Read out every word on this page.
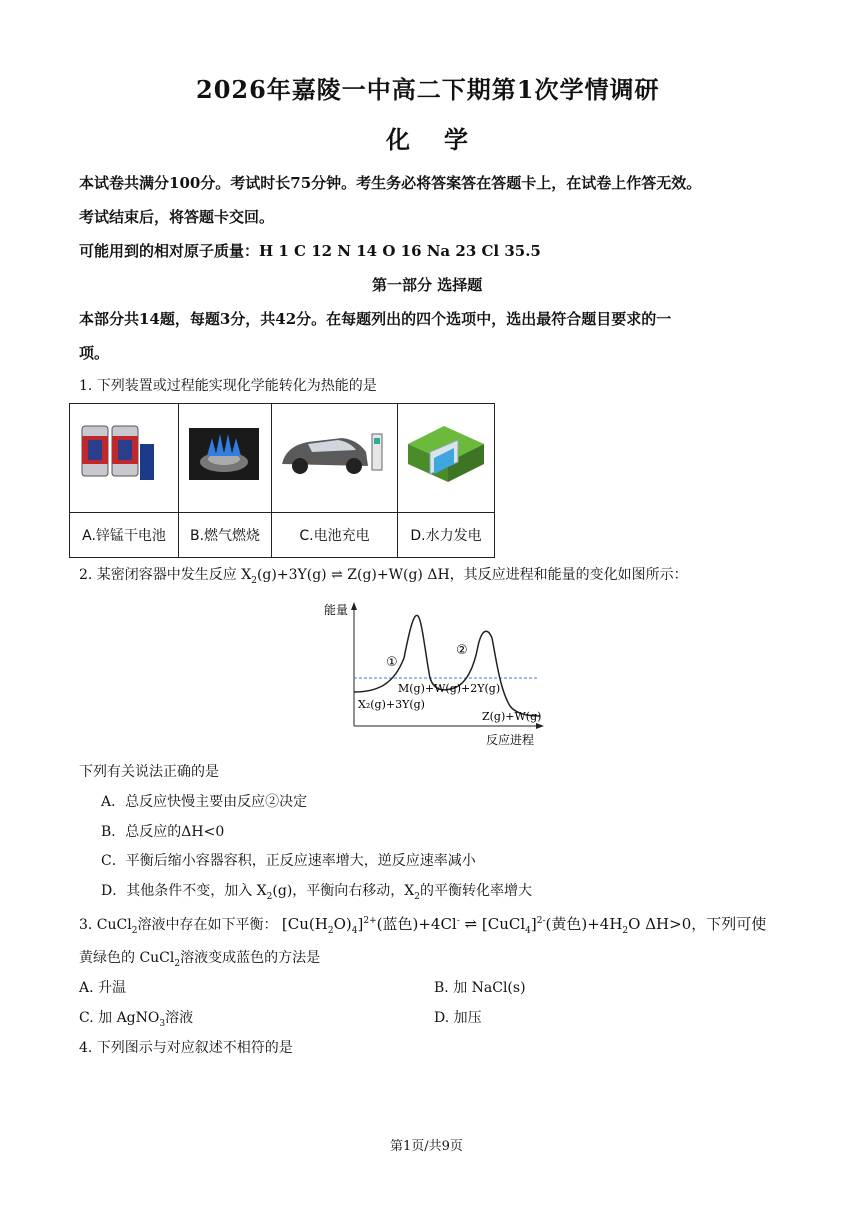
2026年嘉陵一中高二下期第1次学情调研
化学
本试卷共满分100分。考试时长75分钟。考生务必将答案答在答题卡上，在试卷上作答无效。
考试结束后，将答题卡交回。
可能用到的相对原子质量：H 1 C 12 N 14 O 16 Na 23 Cl 35.5
第一部分 选择题
本部分共14题，每题3分，共42分。在每题列出的四个选项中，选出最符合题目要求的一
项。
1. 下列装置或过程能实现化学能转化为热能的是

A.锌锰干电池	B.燃气燃烧	C.电池充电	D.水力发电
2. 某密闭容器中发生反应 $X_2(g)+3Y(g)$ ⇌ Z(g)+W(g) ΔH，其反应进程和能量的变化如图所示：
能量
反应进程
①
②
M(g)+W(g)+2Y(g)
X₂(g)+3Y(g)
Z(g)+W(g)
下列有关说法正确的是
A．总反应快慢主要由反应②决定
B．总反应的ΔH<0
C．平衡后缩小容器容积，正反应速率增大，逆反应速率减小
D．其他条件不变，加入 $X_2(g)$，平衡向右移动，$X_2$的平衡转化率增大
3. CuCl$_2$溶液中存在如下平衡： $[Cu(H_2O)_4]^{2+}$(蓝色)+4Cl- ⇌ [CuCl$_4$]$^{2-}$(黄色)$+4H_2O$ ΔH>0，下列可使
黄绿色的 CuCl$_2$溶液变成蓝色的方法是
A. 升温	B. 加 NaCl(s)
C. 加 AgNO$_3$溶液	D. 加压
4. 下列图示与对应叙述不相符的是
第1页/共9页
